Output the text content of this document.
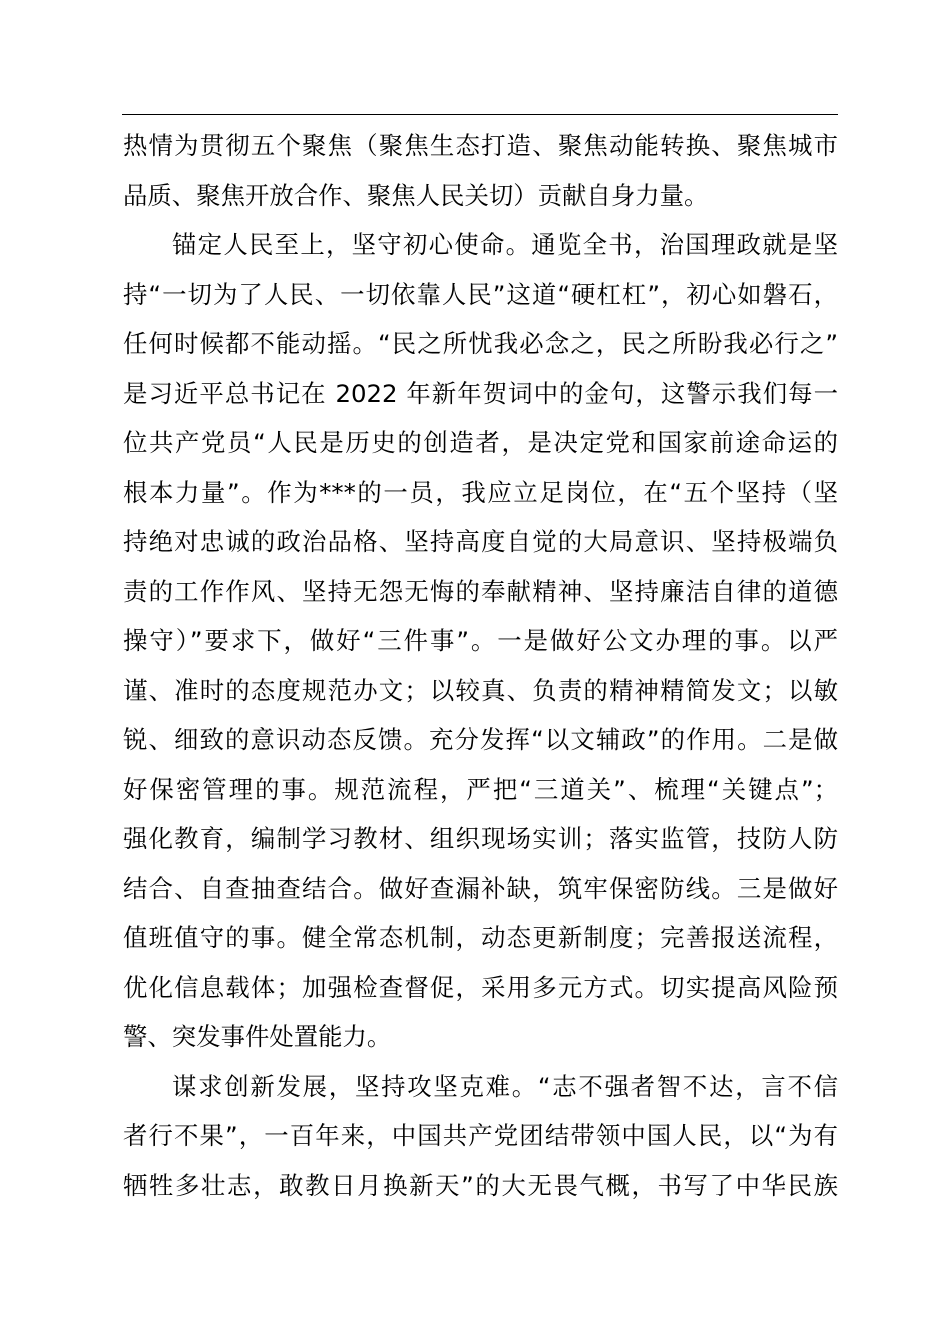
热情为贯彻五个聚焦（聚焦生态打造、聚焦动能转换、聚焦城市
品质、聚焦开放合作、聚焦人民关切）贡献自身力量。
锚定人民至上，坚守初心使命。通览全书，治国理政就是坚
持“一切为了人民、一切依靠人民”这道“硬杠杠”，初心如磐石，
任何时候都不能动摇。“民之所忧我必念之，民之所盼我必行之”
是习近平总书记在 2022 年新年贺词中的金句，这警示我们每一
位共产党员“人民是历史的创造者，是决定党和国家前途命运的
根本力量”。作为***的一员，我应立足岗位，在“五个坚持（坚
持绝对忠诚的政治品格、坚持高度自觉的大局意识、坚持极端负
责的工作作风、坚持无怨无悔的奉献精神、坚持廉洁自律的道德
操守）”要求下，做好“三件事”。一是做好公文办理的事。以严
谨、准时的态度规范办文；以较真、负责的精神精简发文；以敏
锐、细致的意识动态反馈。充分发挥“以文辅政”的作用。二是做
好保密管理的事。规范流程，严把“三道关”、梳理“关键点”；
强化教育，编制学习教材、组织现场实训；落实监管，技防人防
结合、自查抽查结合。做好查漏补缺，筑牢保密防线。三是做好
值班值守的事。健全常态机制，动态更新制度；完善报送流程，
优化信息载体；加强检查督促，采用多元方式。切实提高风险预
警、突发事件处置能力。
谋求创新发展，坚持攻坚克难。“志不强者智不达，言不信
者行不果”，一百年来，中国共产党团结带领中国人民，以“为有
牺牲多壮志，敢教日月换新天”的大无畏气概，书写了中华民族
